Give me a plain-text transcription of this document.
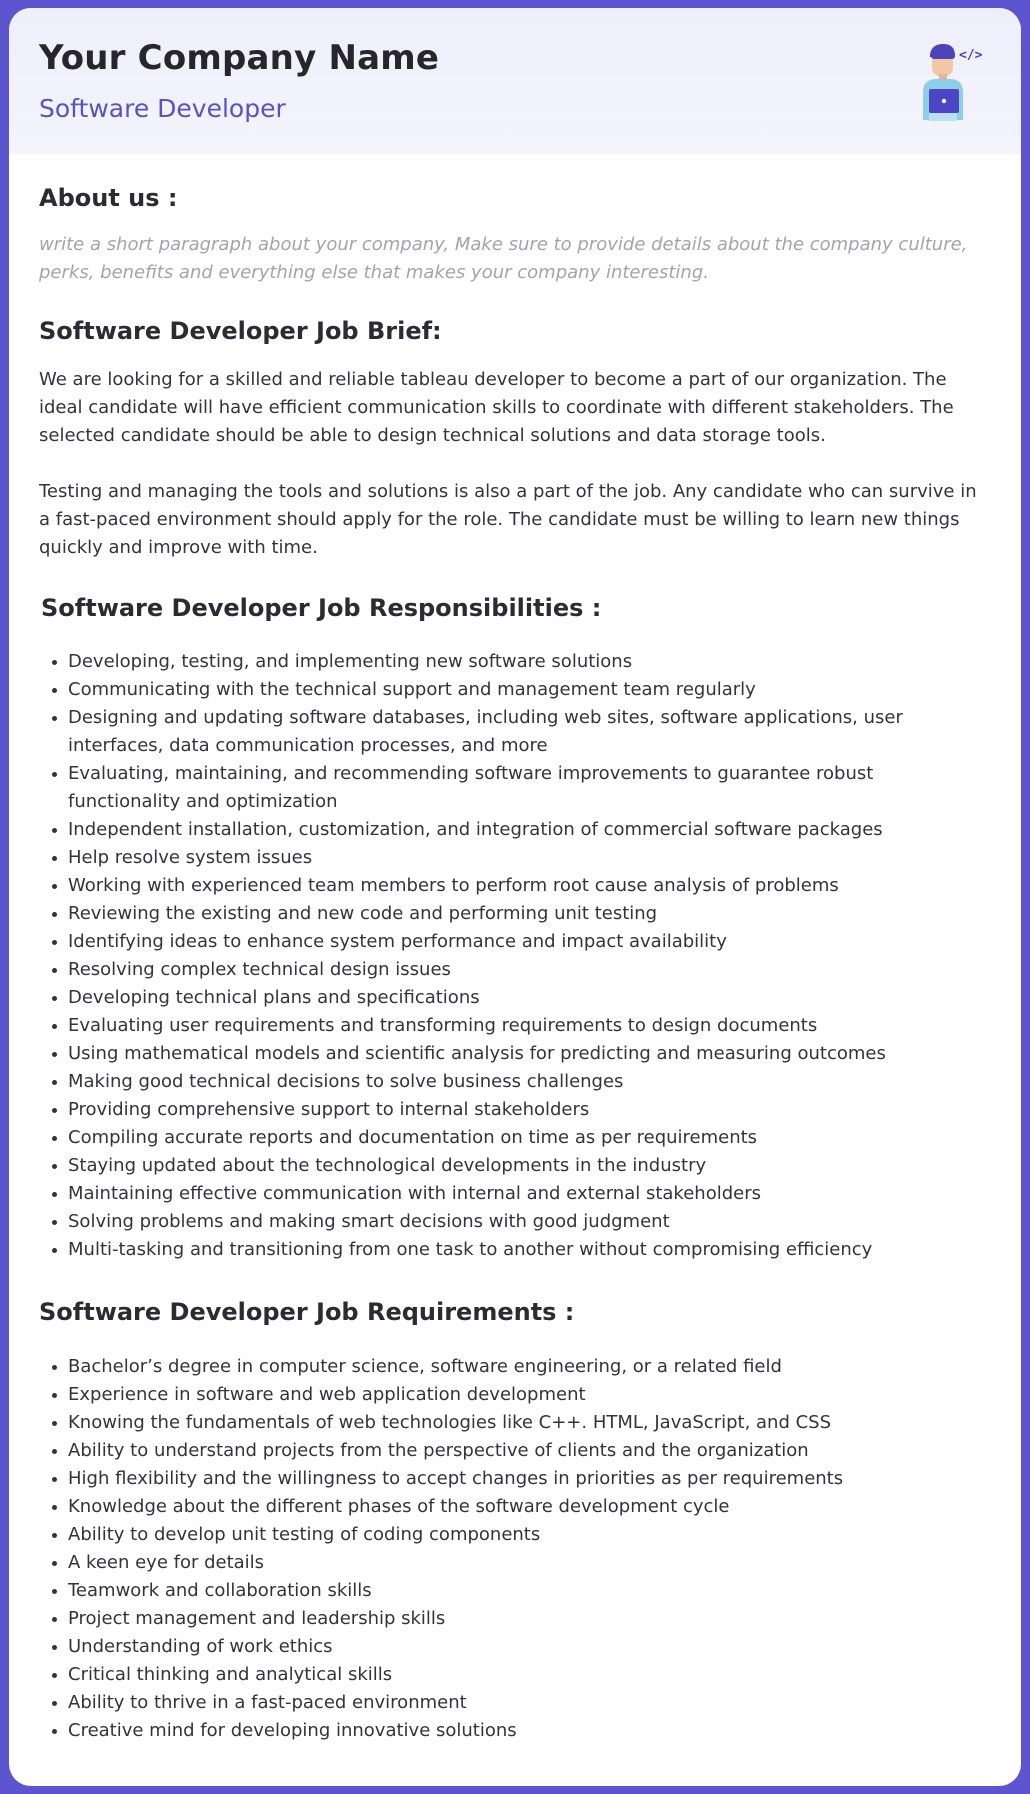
Your Company Name
Software Developer
</>
About us :

write a short paragraph about your company, Make sure to provide details about the company culture, perks, benefits and everything else that makes your company interesting.

Software Developer Job Brief:

We are looking for a skilled and reliable tableau developer to become a part of our organization. The ideal candidate will have efficient communication skills to coordinate with different stakeholders. The selected candidate should be able to design technical solutions and data storage tools.

Testing and managing the tools and solutions is also a part of the job. Any candidate who can survive in a fast-paced environment should apply for the role. The candidate must be willing to learn new things quickly and improve with time.

Software Developer Job Responsibilities :
• Developing, testing, and implementing new software solutions
• Communicating with the technical support and management team regularly
• Designing and updating software databases, including web sites, software applications, user interfaces, data communication processes, and more
• Evaluating, maintaining, and recommending software improvements to guarantee robust functionality and optimization
• Independent installation, customization, and integration of commercial software packages
• Help resolve system issues
• Working with experienced team members to perform root cause analysis of problems
• Reviewing the existing and new code and performing unit testing
• Identifying ideas to enhance system performance and impact availability
• Resolving complex technical design issues
• Developing technical plans and specifications
• Evaluating user requirements and transforming requirements to design documents
• Using mathematical models and scientific analysis for predicting and measuring outcomes
• Making good technical decisions to solve business challenges
• Providing comprehensive support to internal stakeholders
• Compiling accurate reports and documentation on time as per requirements
• Staying updated about the technological developments in the industry
• Maintaining effective communication with internal and external stakeholders
• Solving problems and making smart decisions with good judgment
• Multi-tasking and transitioning from one task to another without compromising efficiency
Software Developer Job Requirements :
• Bachelor’s degree in computer science, software engineering, or a related field
• Experience in software and web application development
• Knowing the fundamentals of web technologies like C++. HTML, JavaScript, and CSS
• Ability to understand projects from the perspective of clients and the organization
• High flexibility and the willingness to accept changes in priorities as per requirements
• Knowledge about the different phases of the software development cycle
• Ability to develop unit testing of coding components
• A keen eye for details
• Teamwork and collaboration skills
• Project management and leadership skills
• Understanding of work ethics
• Critical thinking and analytical skills
• Ability to thrive in a fast-paced environment
• Creative mind for developing innovative solutions
